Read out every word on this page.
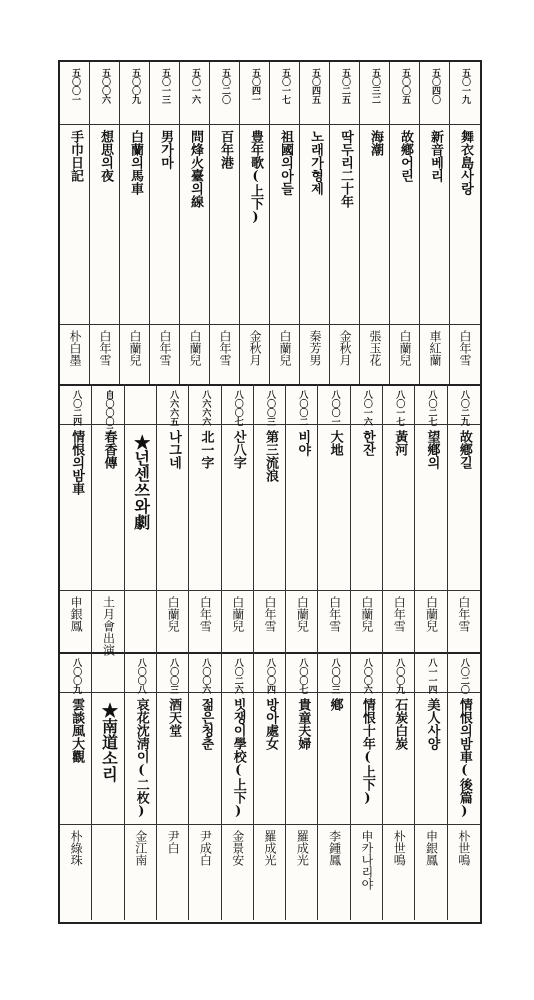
五〇一九
舞衣島사랑
白年雪
五〇四〇
新音베리
車紅蘭
五〇〇五
故鄕어린
白蘭兒
五〇三二
海潮
張玉花
五〇二五
딱두리二十年
金秋月
五〇四五
노래가형제
秦芳男
五〇一七
祖國의아들
白蘭兒
五〇四一
豊年歌(上下)
金秋月
五〇二〇
百年港
白年雪
五〇一六
問烽火臺의線
白蘭兒
五〇一三
男가마
白年雪
五〇〇九
白蘭의馬車
白蘭兒
五〇〇六
想思의夜
白年雪
五〇〇一
手巾日記
朴白墨
八〇二九
故鄕길
白年雪
八〇二七
望鄕의
白蘭兒
八〇一七
黃河
白年雪
八〇一六
한잔
白蘭兒
八〇〇一
大地
白年雪
八〇〇二
비야
白蘭兒
八〇〇三
第三流浪
白年雪
八〇〇七
산八字
白蘭兒
八六六六
北一字
白年雪
八六六五
나그네
白蘭兒
★넌센쓰와劇
自〇〇〇二
春香傳
土月會出演
八〇二四
情恨의밤車
申銀鳳
八〇二〇
情恨의밤車(後篇)
朴世鳴
八一一四
美人사양
申銀鳳
八〇〇九
石炭白炭
朴世鳴
八〇〇六
情恨十年(上下)
申카나리야
八〇〇三
鄕
李鍾鳳
八〇〇七
貴童夫婦
羅成光
八〇〇四
방아處女
羅成光
八〇二六
빗쟁이學校(上下)
金景安
八〇〇六
젊은청춘
尹成白
八〇〇三
酒天堂
尹白
八〇〇八
哀花沈淸이(二枚)
金江南
★南道소리
八〇〇九
雲談風大觀
朴綠珠
